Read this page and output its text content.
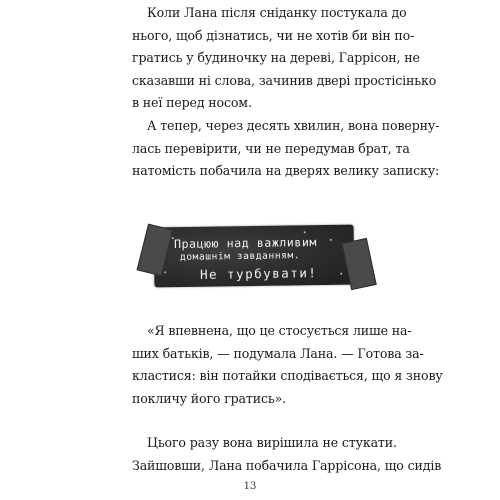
Коли Лана після сніданку постукала до
нього, щоб дізнатись, чи не хотів би він по-
гратись у будиночку на дереві, Гаррісон, не
сказавши ні слова, зачинив двері простісінько
в неї перед носом.
А тепер, через десять хвилин, вона поверну-
лась перевірити, чи не передумав брат, та
натомість побачила на дверях велику записку:
Працюю над важливим
домашнім завданням.
Не турбувати!
«Я впевнена, що це стосується лише на-
ших батьків, — подумала Лана. — Готова за-
кластися: він потайки сподівається, що я знову
покличу його гратись».
Цього разу вона вирішила не стукати.
Зайшовши, Лана побачила Гаррісона, що сидів
13
